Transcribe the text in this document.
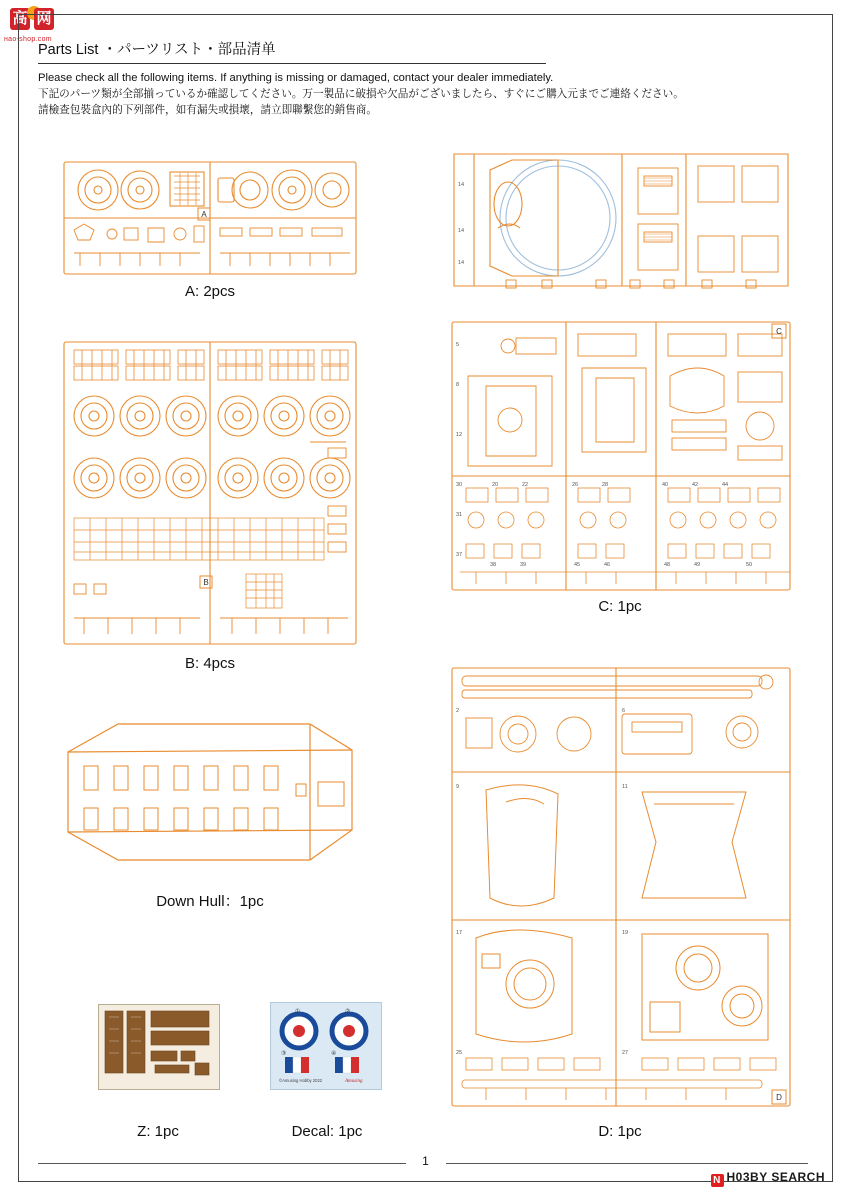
高 网
нао-shop.com
Parts List ・パーツリスト・部品清单
Please check all the following items. If anything is missing or damaged, contact your dealer immediately.
下記のパーツ類が全部揃っているか確認してください。万一製品に破損や欠品がございましたら、すぐにご購入元までご連絡ください。
請檢查包裝盒內的下列部件，如有漏失或損壞，請立即聯繫您的銷售商。
A
A: 2pcs
B
B: 4pcs
Down Hull：1pc
Z: 1pc
①	②
③	④
©Amusing Hobby 2022	Amusing
Decal: 1pc
14
14
14
5
8
12
30
31
37
20	22	26	28	40	42	44
38	39	45	46	48	49	50
C
C: 1pc
2
9
17
25
11
19
27
6
D
D: 1pc
1
N H03BY SEARCH
